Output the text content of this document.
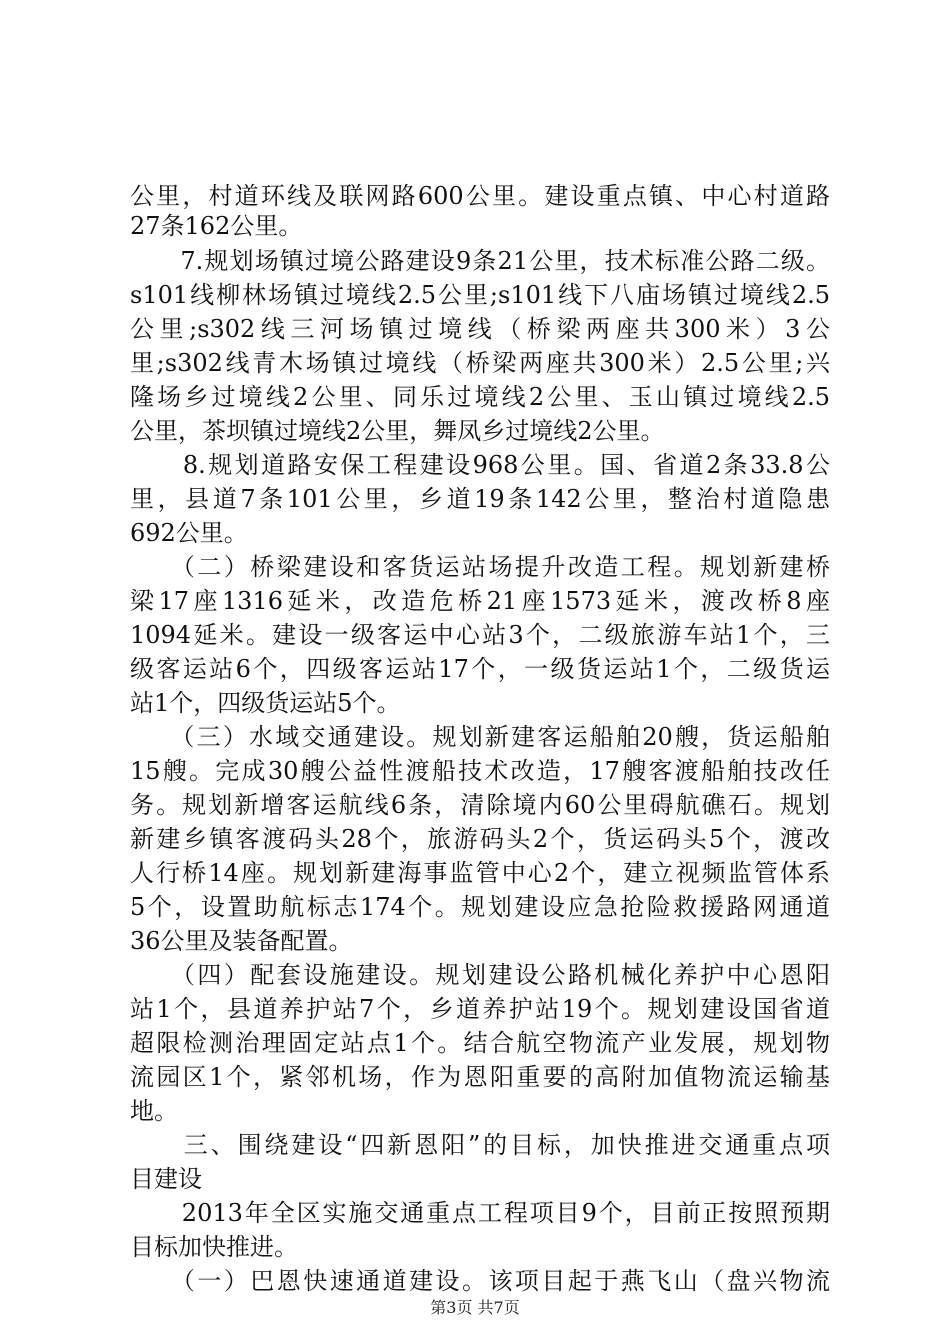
公里，村道环线及联网路600公里。建设重点镇、中心村道路
27条162公里。
　　7.规划场镇过境公路建设9条21公里，技术标准公路二级。
s101线柳林场镇过境线2.5公里;s101线下八庙场镇过境线2.5
公里;s302线三河场镇过境线（桥梁两座共300米）3公
里;s302线青木场镇过境线（桥梁两座共300米）2.5公里;兴
隆场乡过境线2公里、同乐过境线2公里、玉山镇过境线2.5
公里，茶坝镇过境线2公里，舞凤乡过境线2公里。
　　8.规划道路安保工程建设968公里。国、省道2条33.8公
里，县道7条101公里，乡道19条142公里，整治村道隐患
692公里。
　　（二）桥梁建设和客货运站场提升改造工程。规划新建桥
梁17座1316延米，改造危桥21座1573延米，渡改桥8座
1094延米。建设一级客运中心站3个，二级旅游车站1个，三
级客运站6个，四级客运站17个，一级货运站1个，二级货运
站1个，四级货运站5个。
　　（三）水域交通建设。规划新建客运船舶20艘，货运船舶
15艘。完成30艘公益性渡船技术改造，17艘客渡船舶技改任
务。规划新增客运航线6条，清除境内60公里碍航礁石。规划
新建乡镇客渡码头28个，旅游码头2个，货运码头5个，渡改
人行桥14座。规划新建海事监管中心2个，建立视频监管体系
5个，设置助航标志174个。规划建设应急抢险救援路网通道
36公里及装备配置。
　　（四）配套设施建设。规划建设公路机械化养护中心恩阳
站1个，县道养护站7个，乡道养护站19个。规划建设国省道
超限检测治理固定站点1个。结合航空物流产业发展，规划物
流园区1个，紧邻机场，作为恩阳重要的高附加值物流运输基
地。
　　三、围绕建设“四新恩阳”的目标，加快推进交通重点项
目建设
　　2013年全区实施交通重点工程项目9个，目前正按照预期
目标加快推进。
　　（一）巴恩快速通道建设。该项目起于燕飞山（盘兴物流
第3页 共7页
